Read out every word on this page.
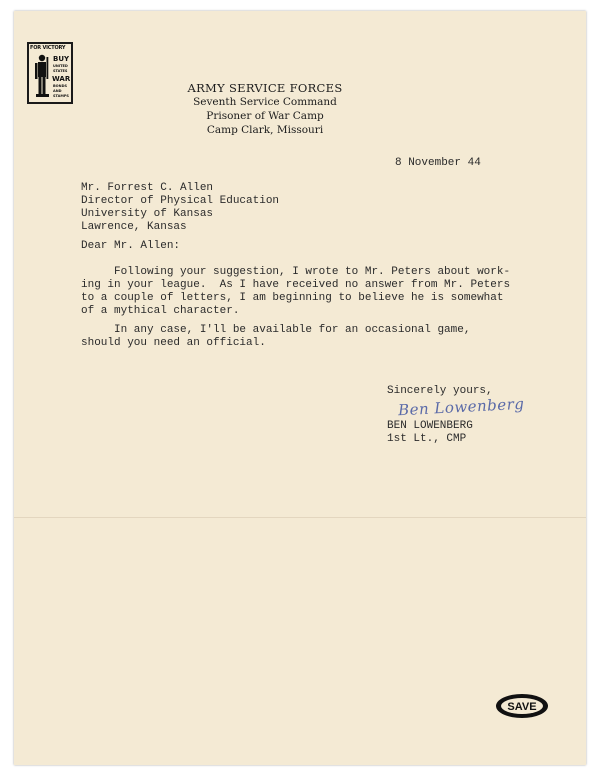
FOR VICTORY
BUY
UNITED
STATES
WAR
BONDS
AND
STAMPS
ARMY SERVICE FORCES
Seventh Service Command
Prisoner of War Camp
Camp Clark, Missouri
8 November 44
Mr. Forrest C. Allen
Director of Physical Education
University of Kansas
Lawrence, Kansas
Dear Mr. Allen:
Following your suggestion, I wrote to Mr. Peters about work-
ing in your league.  As I have received no answer from Mr. Peters
to a couple of letters, I am beginning to believe he is somewhat
of a mythical character.
In any case, I'll be available for an occasional game,
should you need an official.
Sincerely yours,
Ben Lowenberg
BEN LOWENBERG
1st Lt., CMP
SAVE
